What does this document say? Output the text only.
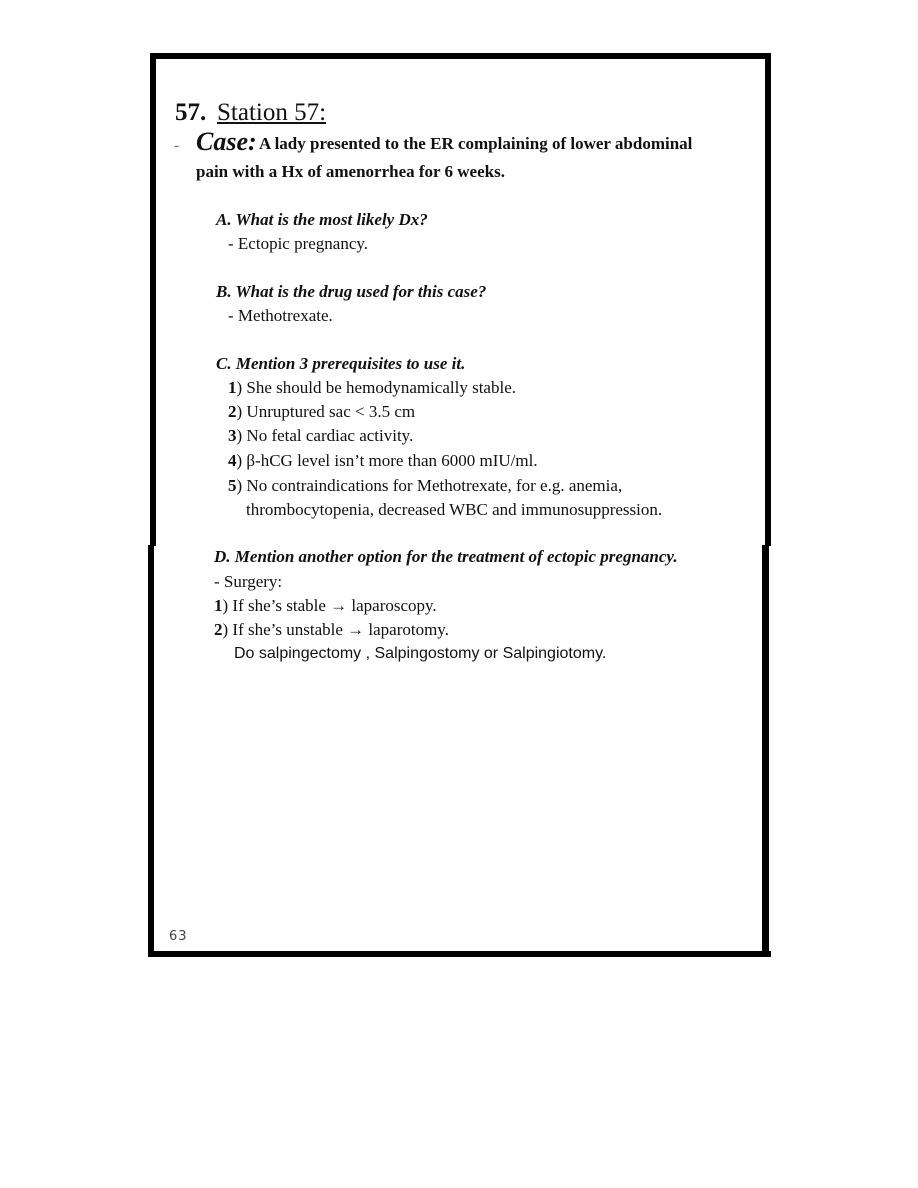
57. Station 57:
- Case: A lady presented to the ER complaining of lower abdominal
pain with a Hx of amenorrhea for 6 weeks.
A. What is the most likely Dx?
- Ectopic pregnancy.
B. What is the drug used for this case?
- Methotrexate.
C. Mention 3 prerequisites to use it.
1) She should be hemodynamically stable.
2) Unruptured sac < 3.5 cm
3) No fetal cardiac activity.
4) β-hCG level isn’t more than 6000 mIU/ml.
5) No contraindications for Methotrexate, for e.g. anemia,
thrombocytopenia, decreased WBC and immunosuppression.
D. Mention another option for the treatment of ectopic pregnancy.
- Surgery:
1) If she’s stable → laparoscopy.
2) If she’s unstable → laparotomy.
Do salpingectomy , Salpingostomy or Salpingiotomy.
63
